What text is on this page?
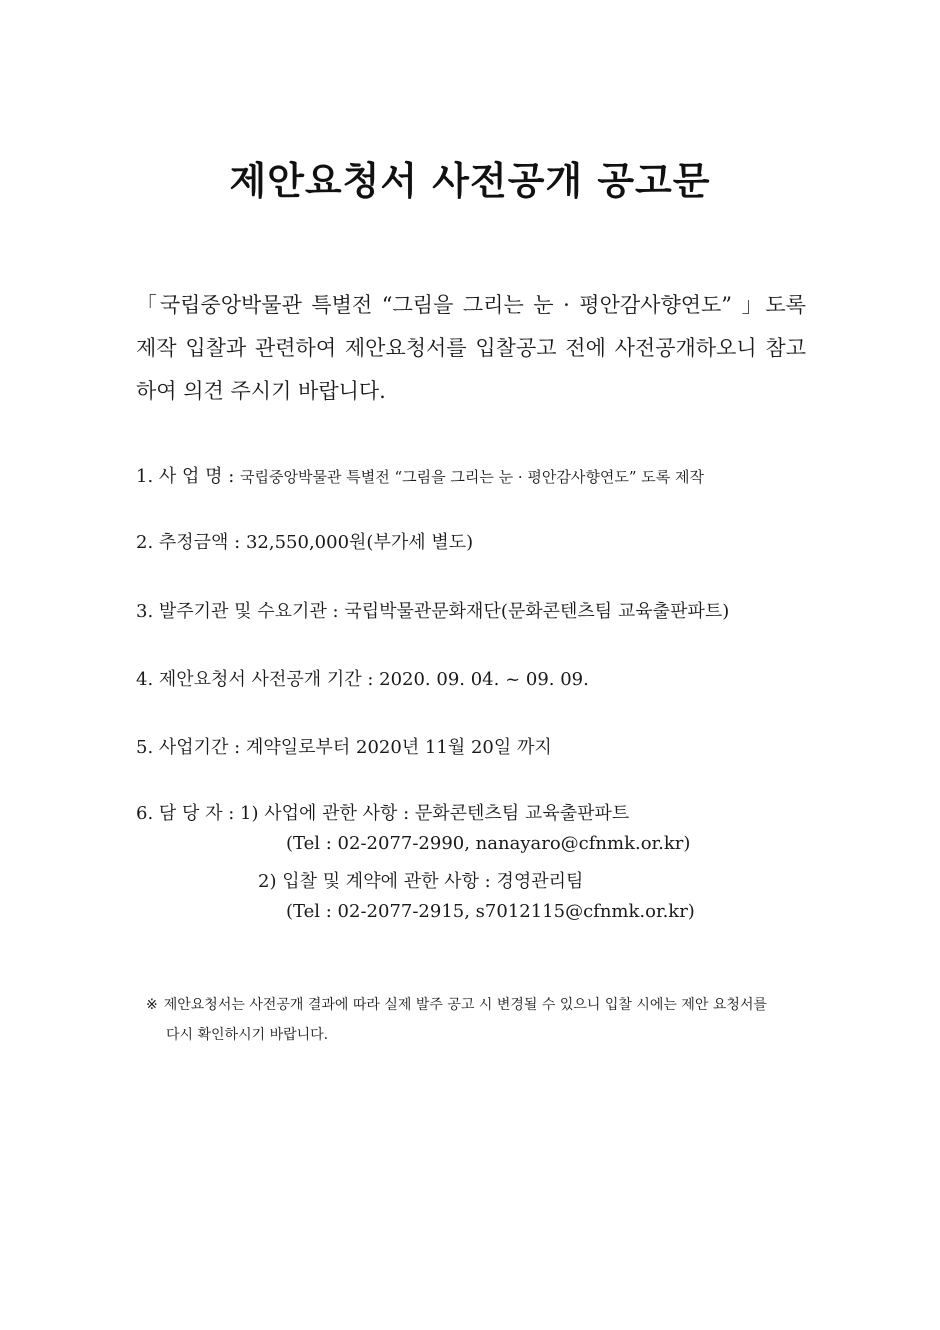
제안요청서 사전공개 공고문
「국립중앙박물관 특별전 “그림을 그리는 눈 · 평안감사향연도” 」도록 제작 입찰과 관련하여 제안요청서를 입찰공고 전에 사전공개하오니 참고하여 의견 주시기 바랍니다.
1. 사 업 명 : 국립중앙박물관 특별전 “그림을 그리는 눈 · 평안감사향연도” 도록 제작
2. 추정금액 : 32,550,000원(부가세 별도)
3. 발주기관 및 수요기관 : 국립박물관문화재단(문화콘텐츠팀 교육출판파트)
4. 제안요청서 사전공개 기간 : 2020. 09. 04. ~ 09. 09.
5. 사업기간 : 계약일로부터 2020년 11월 20일 까지
6. 담 당 자 : 1) 사업에 관한 사항 : 문화콘텐츠팀 교육출판파트
(Tel : 02-2077-2990, nanayaro@cfnmk.or.kr)
2) 입찰 및 계약에 관한 사항 : 경영관리팀
(Tel : 02-2077-2915, s7012115@cfnmk.or.kr)
※ 제안요청서는 사전공개 결과에 따라 실제 발주 공고 시 변경될 수 있으니 입찰 시에는 제안 요청서를
다시 확인하시기 바랍니다.
